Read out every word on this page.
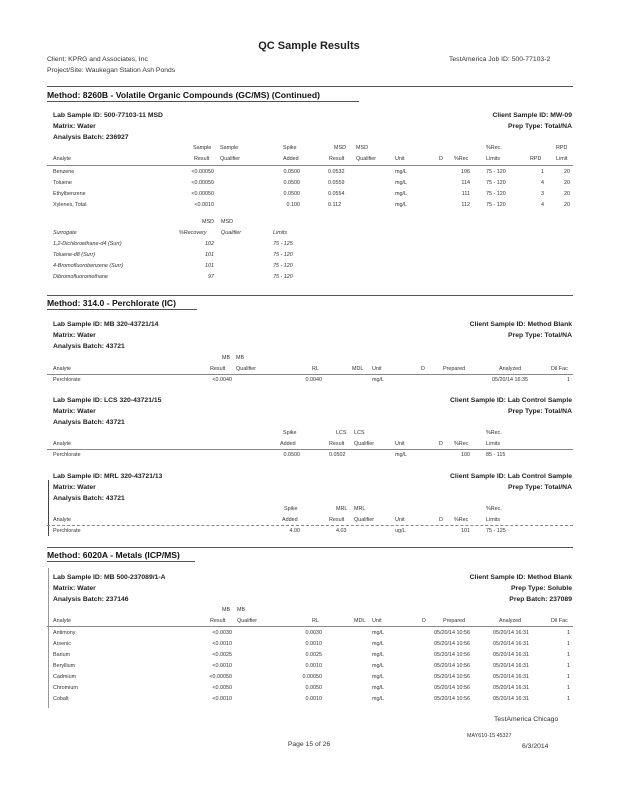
QC Sample Results
Client: KPRG and Associates, Inc
Project/Site: Waukegan Station Ash Ponds
TestAmerica Job ID: 500-77103-2
Method: 8260B - Volatile Organic Compounds (GC/MS) (Continued)
Lab Sample ID: 500-77103-11 MSD
Matrix: Water
Analysis Batch: 236927
Client Sample ID: MW-09
Prep Type: Total/NA
Sample Sample	Spike	MSD MSD	%Rec.	RPD
Analyte	Result Qualifier	Added	Result Qualifier	Unit	D %Rec	Limits	RPD	Limit
Benzene	<0.00050	0.0500	0.0532	mg/L	106	75 - 120	1	20
Toluene	<0.00050	0.0500	0.0559	mg/L	114	75 - 120	4	20
Ethylbenzene	<0.00050	0.0500	0.0554	mg/L	111	75 - 120	3	20
Xylenes, Total	<0.0010	0.100	0.112	mg/L	112	75 - 120	4	20
MSD MSD
Surrogate	%Recovery	Qualifier	Limits
1,2-Dichloroethane-d4 (Surr)	102	75 - 125
Toluene-d8 (Surr)	101	75 - 120
4-Bromofluorobenzene (Surr)	101	75 - 120
Dibromofluoromethane	97	75 - 120
Method: 314.0 - Perchlorate (IC)
Lab Sample ID: MB 320-43721/14
Matrix: Water
Analysis Batch: 43721
Client Sample ID: Method Blank
Prep Type: Total/NA
MB MB
Analyte	Result Qualifier	RL	MDL Unit	D	Prepared	Analyzed	Dil Fac
Perchlorate	<0.0040	0.0040	mg/L	05/20/14 16:35	1
Lab Sample ID: LCS 320-43721/15
Matrix: Water
Analysis Batch: 43721
Client Sample ID: Lab Control Sample
Prep Type: Total/NA
Spike	LCS LCS	%Rec.
Analyte	Added	Result Qualifier	Unit	D %Rec	Limits
Perchlorate	0.0500	0.0502	mg/L	100	85 - 115
Lab Sample ID: MRL 320-43721/13
Matrix: Water
Analysis Batch: 43721
Client Sample ID: Lab Control Sample
Prep Type: Total/NA
Spike	MRL MRL	%Rec.
Analyte	Added	Result Qualifier	Unit	D %Rec	Limits
Perchlorate	4.00	4.03	ug/L	101	75 - 125
Method: 6020A - Metals (ICP/MS)
Lab Sample ID: MB 500-237089/1-A
Matrix: Water
Analysis Batch: 237146
Client Sample ID: Method Blank
Prep Type: Soluble
Prep Batch: 237089
MB MB
Analyte	Result Qualifier	RL	MDL Unit	D	Prepared	Analyzed	Dil Fac
Antimony	<0.0030	0.0030	mg/L	05/20/14 10:56	05/20/14 16:31	1
Arsenic	<0.0010	0.0010	mg/L	05/20/14 10:56	05/20/14 16:31	1
Barium	<0.0025	0.0025	mg/L	05/20/14 10:56	05/20/14 16:31	1
Beryllium	<0.0010	0.0010	mg/L	05/20/14 10:56	05/20/14 16:31	1
Cadmium	<0.00050	0.00050	mg/L	05/20/14 10:56	05/20/14 16:31	1
Chromium	<0.0050	0.0050	mg/L	05/20/14 10:56	05/20/14 16:31	1
Cobalt	<0.0010	0.0010	mg/L	05/20/14 10:56	05/20/14 16:31	1
TestAmerica Chicago
Page 15 of 26
MAY610-15 45327
6/3/2014
